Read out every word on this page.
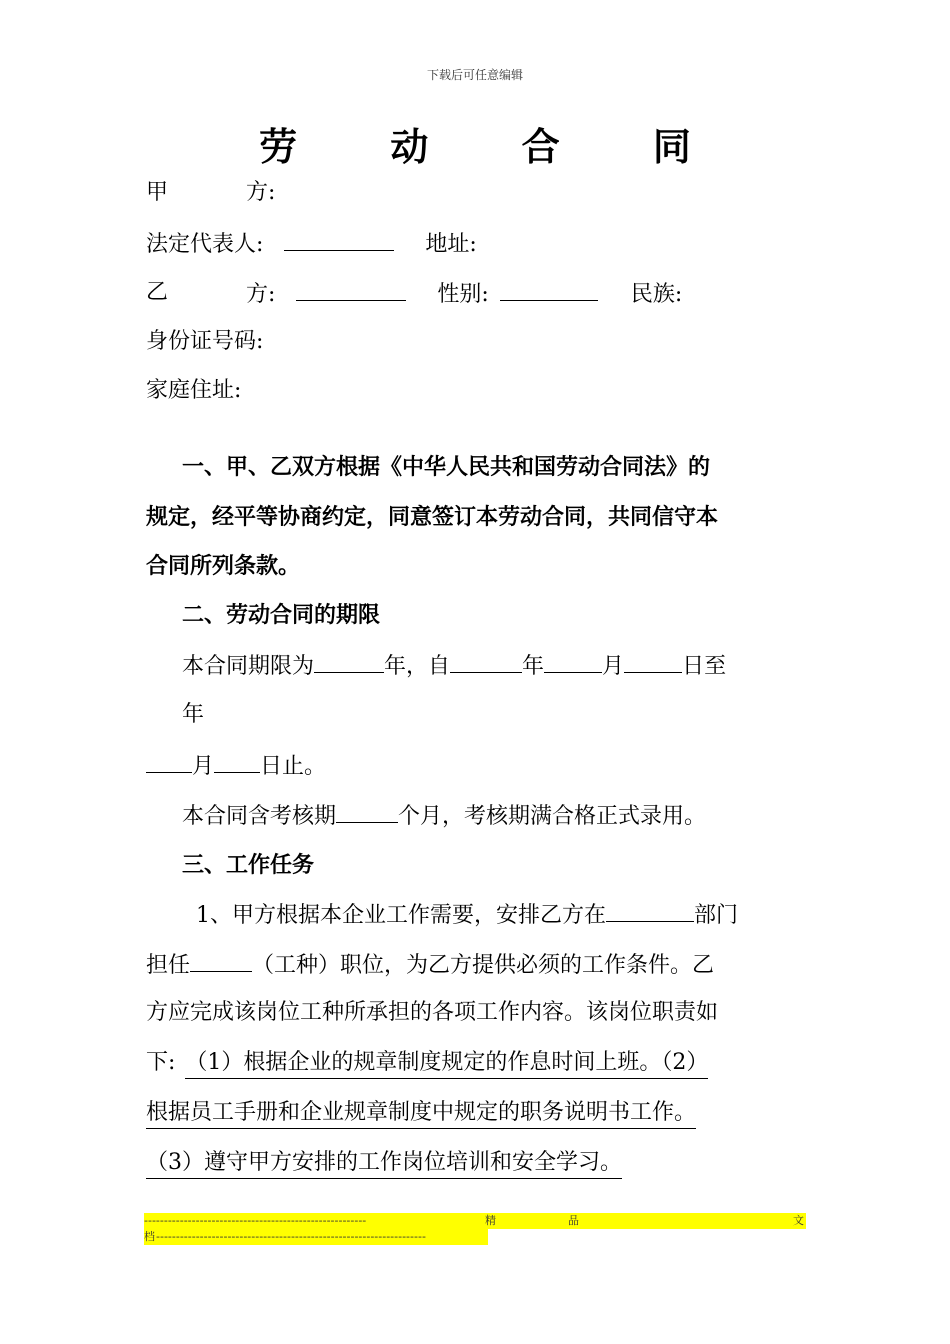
下载后可任意编辑
劳 动 合 同
甲	方:
法定代表人:	地址:
乙	方:	性别:	民族:
身份证号码:
家庭住址:
一、甲、乙双方根据《中华人民共和国劳动合同法》的
规定，经平等协商约定，同意签订本劳动合同，共同信守本
合同所列条款。
二、劳动合同的期限
本合同期限为	年，自	年	月	日至
年
月 日止。
本合同含考核期	个月，考核期满合格正式录用。
三、工作任务
1、甲方根据本企业工作需要，安排乙方在	部门
担任	（工种）职位，为乙方提供必须的工作条件。乙
方应完成该岗位工种所承担的各项工作内容。该岗位职责如
下: （1）根据企业的规章制度规定的作息时间上班。（2）
根据员工手册和企业规章制度中规定的职务说明书工作。
（3）遵守甲方安排的工作岗位培训和安全学习。
--------------------------------------------------------	精	品	文
档 --------------------------------------------------------------------
